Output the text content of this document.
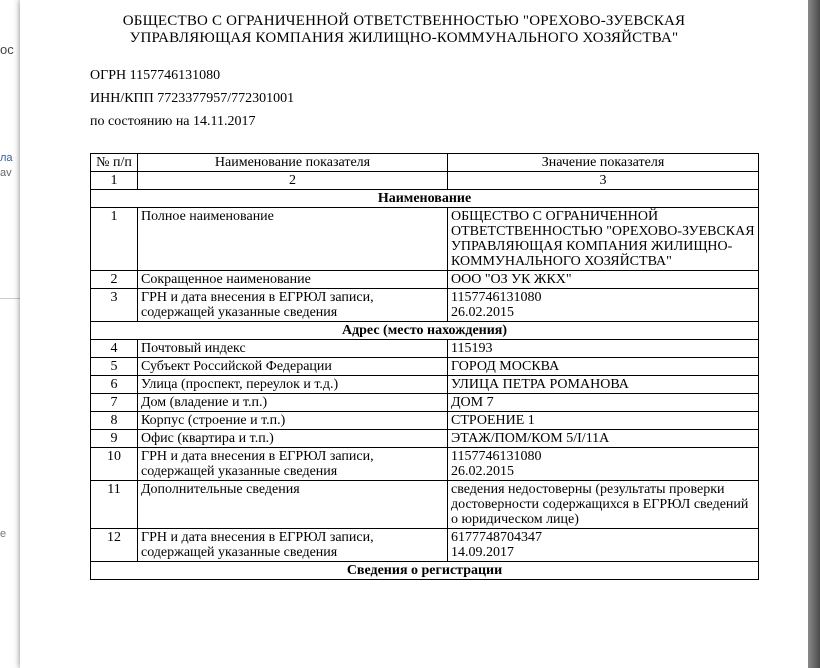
ос
ла
av
е
ОБЩЕСТВО С ОГРАНИЧЕННОЙ ОТВЕТСТВЕННОСТЬЮ "ОРЕХОВО-ЗУЕВСКАЯ
УПРАВЛЯЮЩАЯ КОМПАНИЯ ЖИЛИЩНО-КОММУНАЛЬНОГО ХОЗЯЙСТВА"
ОГРН 1157746131080
ИНН/КПП 7723377957/772301001
по состоянию на 14.11.2017
№ п/п	Наименование показателя	Значение показателя
1	2	3
Наименование		
1	Полное наименование	ОБЩЕСТВО С ОГРАНИЧЕННОЙ ОТВЕТСТВЕННОСТЬЮ "ОРЕХОВО-ЗУЕВСКАЯ УПРАВЛЯЮЩАЯ КОМПАНИЯ ЖИЛИЩНО-КОММУНАЛЬНОГО ХОЗЯЙСТВА"
2	Сокращенное наименование	ООО "ОЗ УК ЖКХ"
3	ГРН и дата внесения в ЕГРЮЛ записи, содержащей указанные сведения	1157746131080
26.02.2015
Адрес (место нахождения)		
4	Почтовый индекс	115193
5	Субъект Российской Федерации	ГОРОД МОСКВА
6	Улица (проспект, переулок и т.д.)	УЛИЦА ПЕТРА РОМАНОВА
7	Дом (владение и т.п.)	ДОМ 7
8	Корпус (строение и т.п.)	СТРОЕНИЕ 1
9	Офис (квартира и т.п.)	ЭТАЖ/ПОМ/КОМ 5/I/11А
10	ГРН и дата внесения в ЕГРЮЛ записи, содержащей указанные сведения	1157746131080
26.02.2015
11	Дополнительные сведения	сведения недостоверны (результаты проверки достоверности содержащихся в ЕГРЮЛ сведений о юридическом лице)
12	ГРН и дата внесения в ЕГРЮЛ записи, содержащей указанные сведения	6177748704347
14.09.2017
Сведения о регистрации		
